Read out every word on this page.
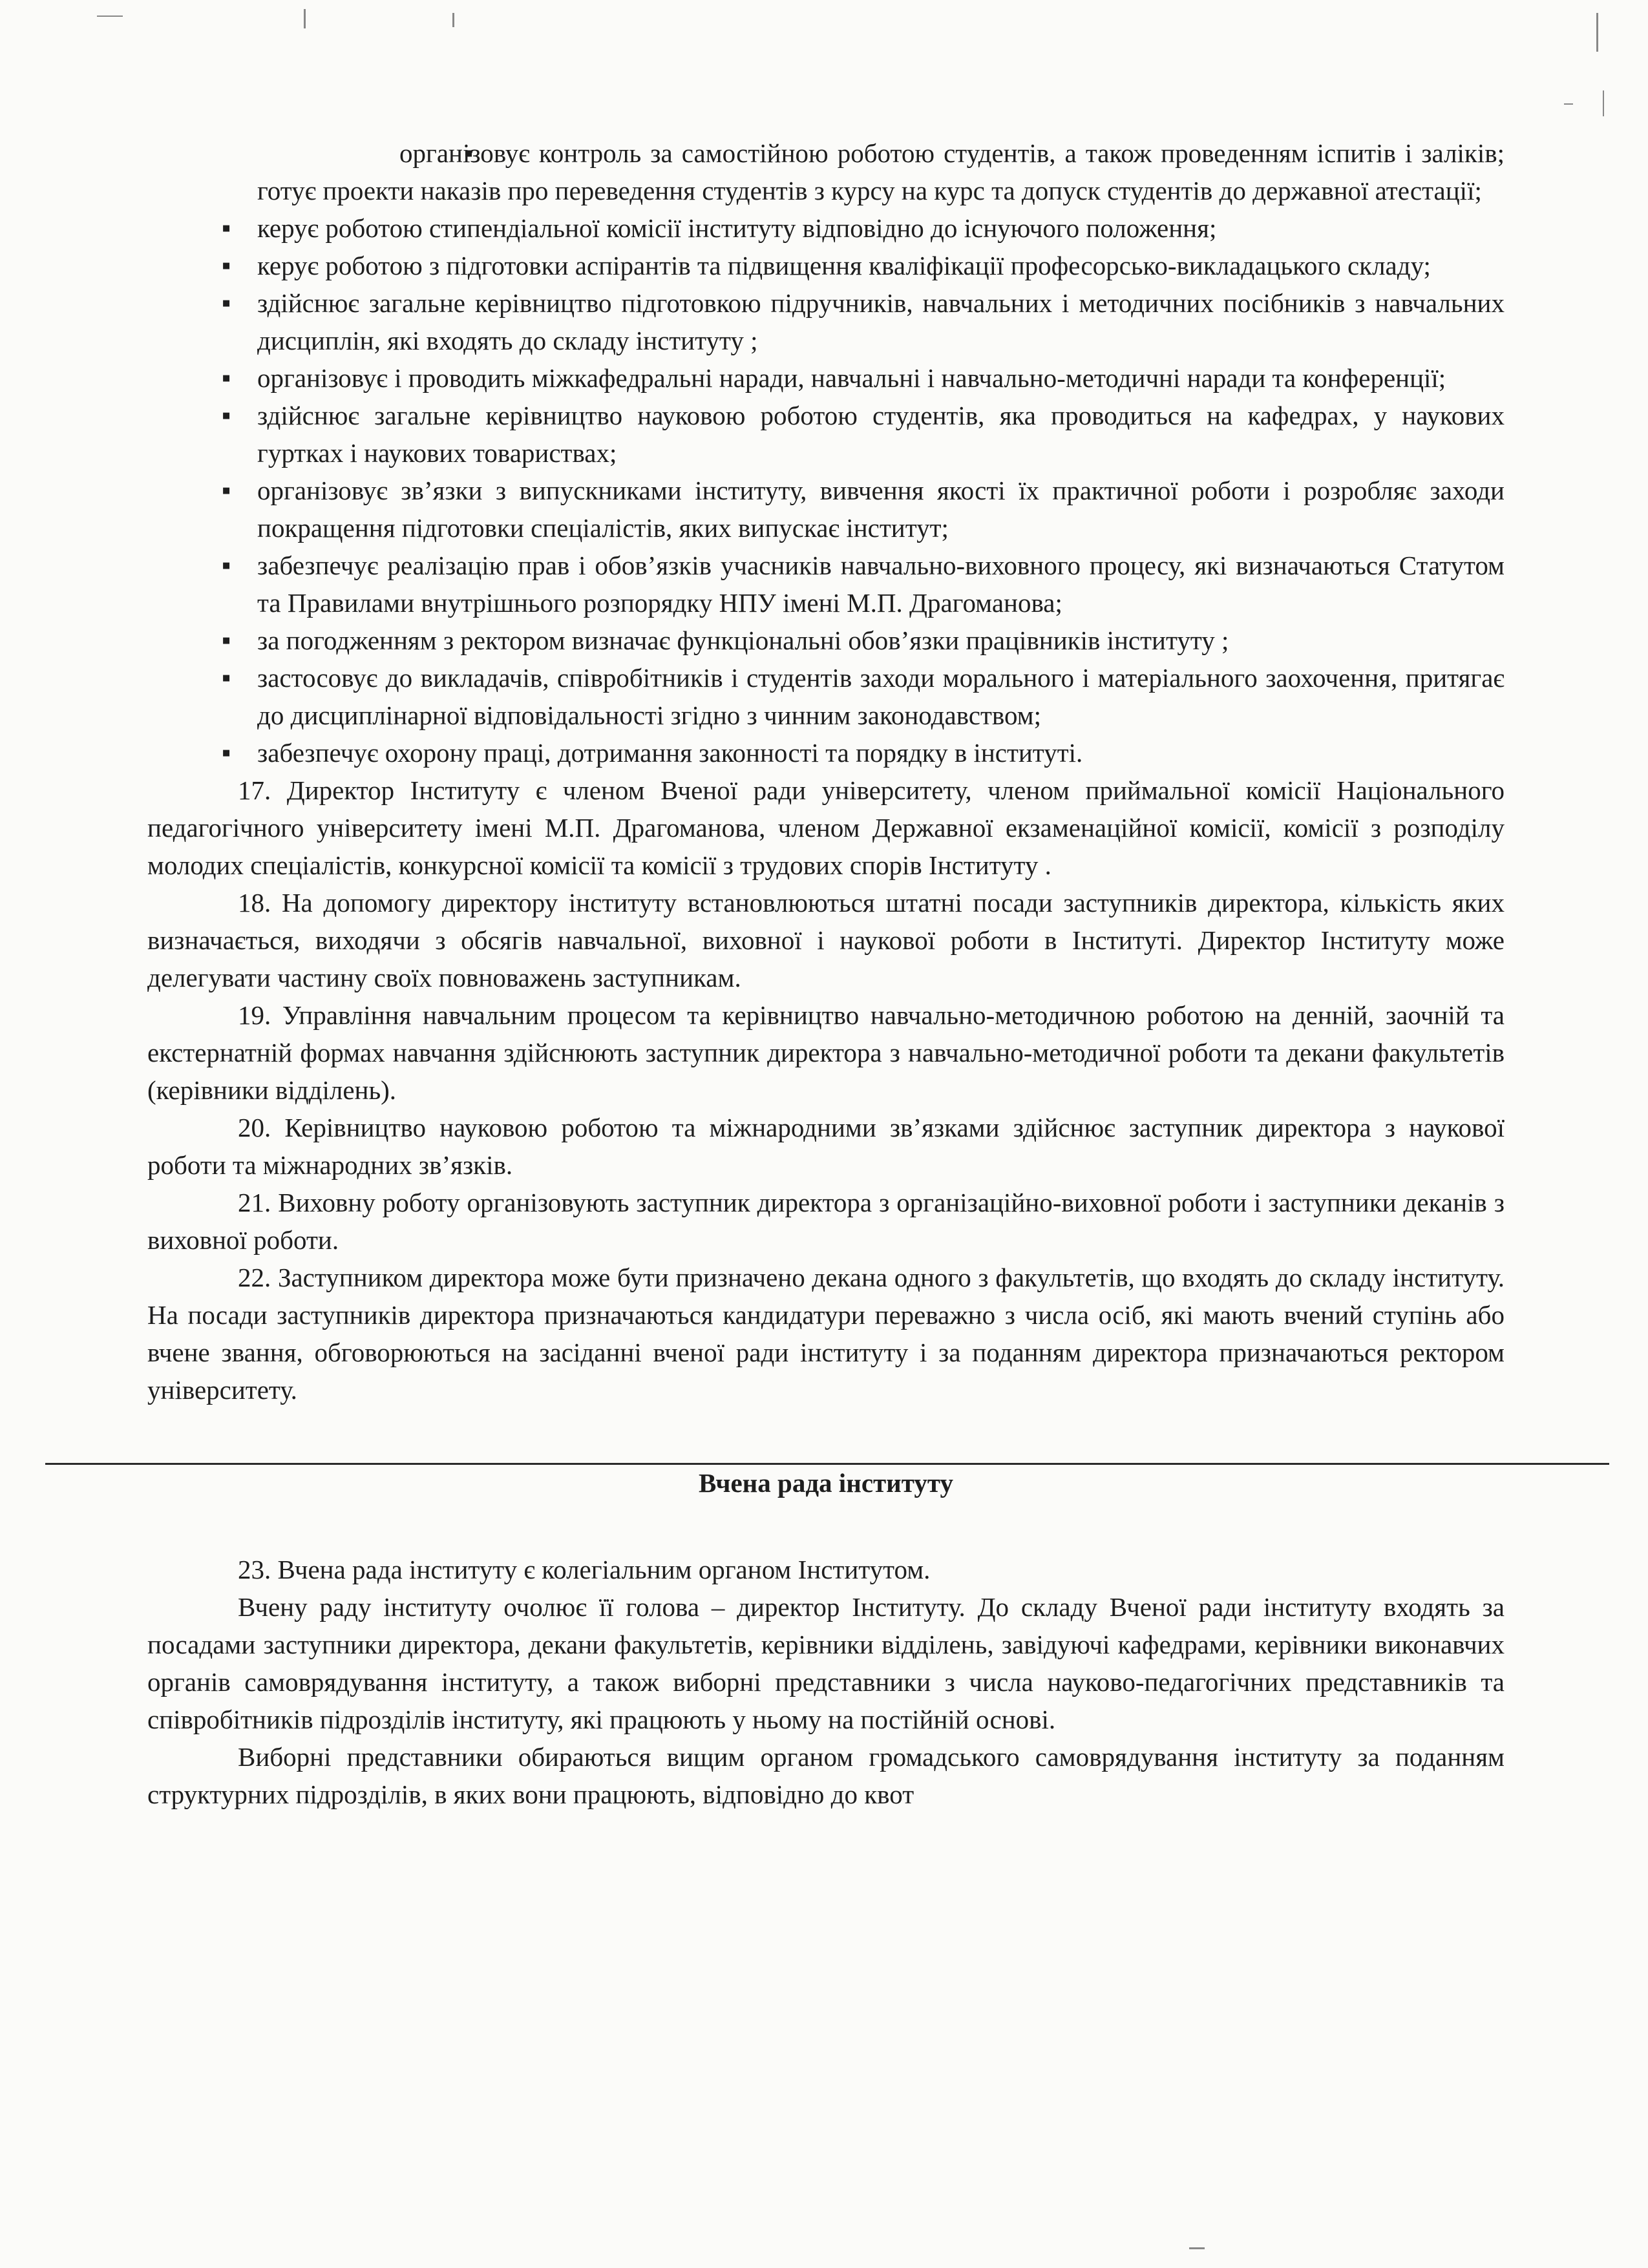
▪ організовує контроль за самостійною роботою студентів, а також проведенням іспитів і заліків; готує проекти наказів про переведення студентів з курсу на курс та допуск студентів до державної атестації;
▪ керує роботою стипендіальної комісії інституту відповідно до існуючого положення;
▪ керує роботою з підготовки аспірантів та підвищення кваліфікації професорсько-викладацького складу;
▪ здійснює загальне керівництво підготовкою підручників, навчальних і методичних посібників з навчальних дисциплін, які входять до складу інституту ;
▪ організовує і проводить міжкафедральні наради, навчальні і навчально-методичні наради та конференції;
▪ здійснює загальне керівництво науковою роботою студентів, яка проводиться на кафедрах, у наукових гуртках і наукових товариствах;
▪ організовує зв’язки з випускниками інституту, вивчення якості їх практичної роботи і розробляє заходи покращення підготовки спеціалістів, яких випускає інститут;
▪ забезпечує реалізацію прав і обов’язків учасників навчально-виховного процесу, які визначаються Статутом та Правилами внутрішнього розпорядку НПУ імені М.П. Драгоманова;
▪ за погодженням з ректором визначає функціональні обов’язки працівників інституту ;
▪ застосовує до викладачів, співробітників і студентів заходи морального і матеріального заохочення, притягає до дисциплінарної відповідальності згідно з чинним законодавством;
▪ забезпечує охорону праці, дотримання законності та порядку в інституті.

17. Директор Інституту є членом Вченої ради університету, членом приймальної комісії Національного педагогічного університету імені М.П. Драгоманова, членом Державної екзаменаційної комісії, комісії з розподілу молодих спеціалістів, конкурсної комісії та комісії з трудових спорів Інституту .

18. На допомогу директору інституту встановлюються штатні посади заступників директора, кількість яких визначається, виходячи з обсягів навчальної, виховної і наукової роботи в Інституті. Директор Інституту може делегувати частину своїх повноважень заступникам.

19. Управління навчальним процесом та керівництво навчально-методичною роботою на денній, заочній та екстернатній формах навчання здійснюють заступник директора з навчально-методичної роботи та декани факультетів (керівники відділень).

20. Керівництво науковою роботою та міжнародними зв’язками здійснює заступник директора з наукової роботи та міжнародних зв’язків.

21. Виховну роботу організовують заступник директора з організаційно-виховної роботи і заступники деканів з виховної роботи.

22. Заступником директора може бути призначено декана одного з факультетів, що входять до складу інституту. На посади заступників директора призначаються кандидатури переважно з числа осіб, які мають вчений ступінь або вчене звання, обговорюються на засіданні вченої ради інституту і за поданням директора призначаються ректором університету.

Вчена рада інституту

23. Вчена рада інституту є колегіальним органом Інститутом.

Вчену раду інституту очолює її голова – директор Інституту. До складу Вченої ради інституту входять за посадами заступники директора, декани факультетів, керівники відділень, завідуючі кафедрами, керівники виконавчих органів самоврядування інституту, а також виборні представники з числа науково-педагогічних представників та співробітників підрозділів інституту, які працюють у ньому на постійній основі.

Виборні представники обираються вищим органом громадського самоврядування інституту за поданням структурних підрозділів, в яких вони працюють, відповідно до квот
